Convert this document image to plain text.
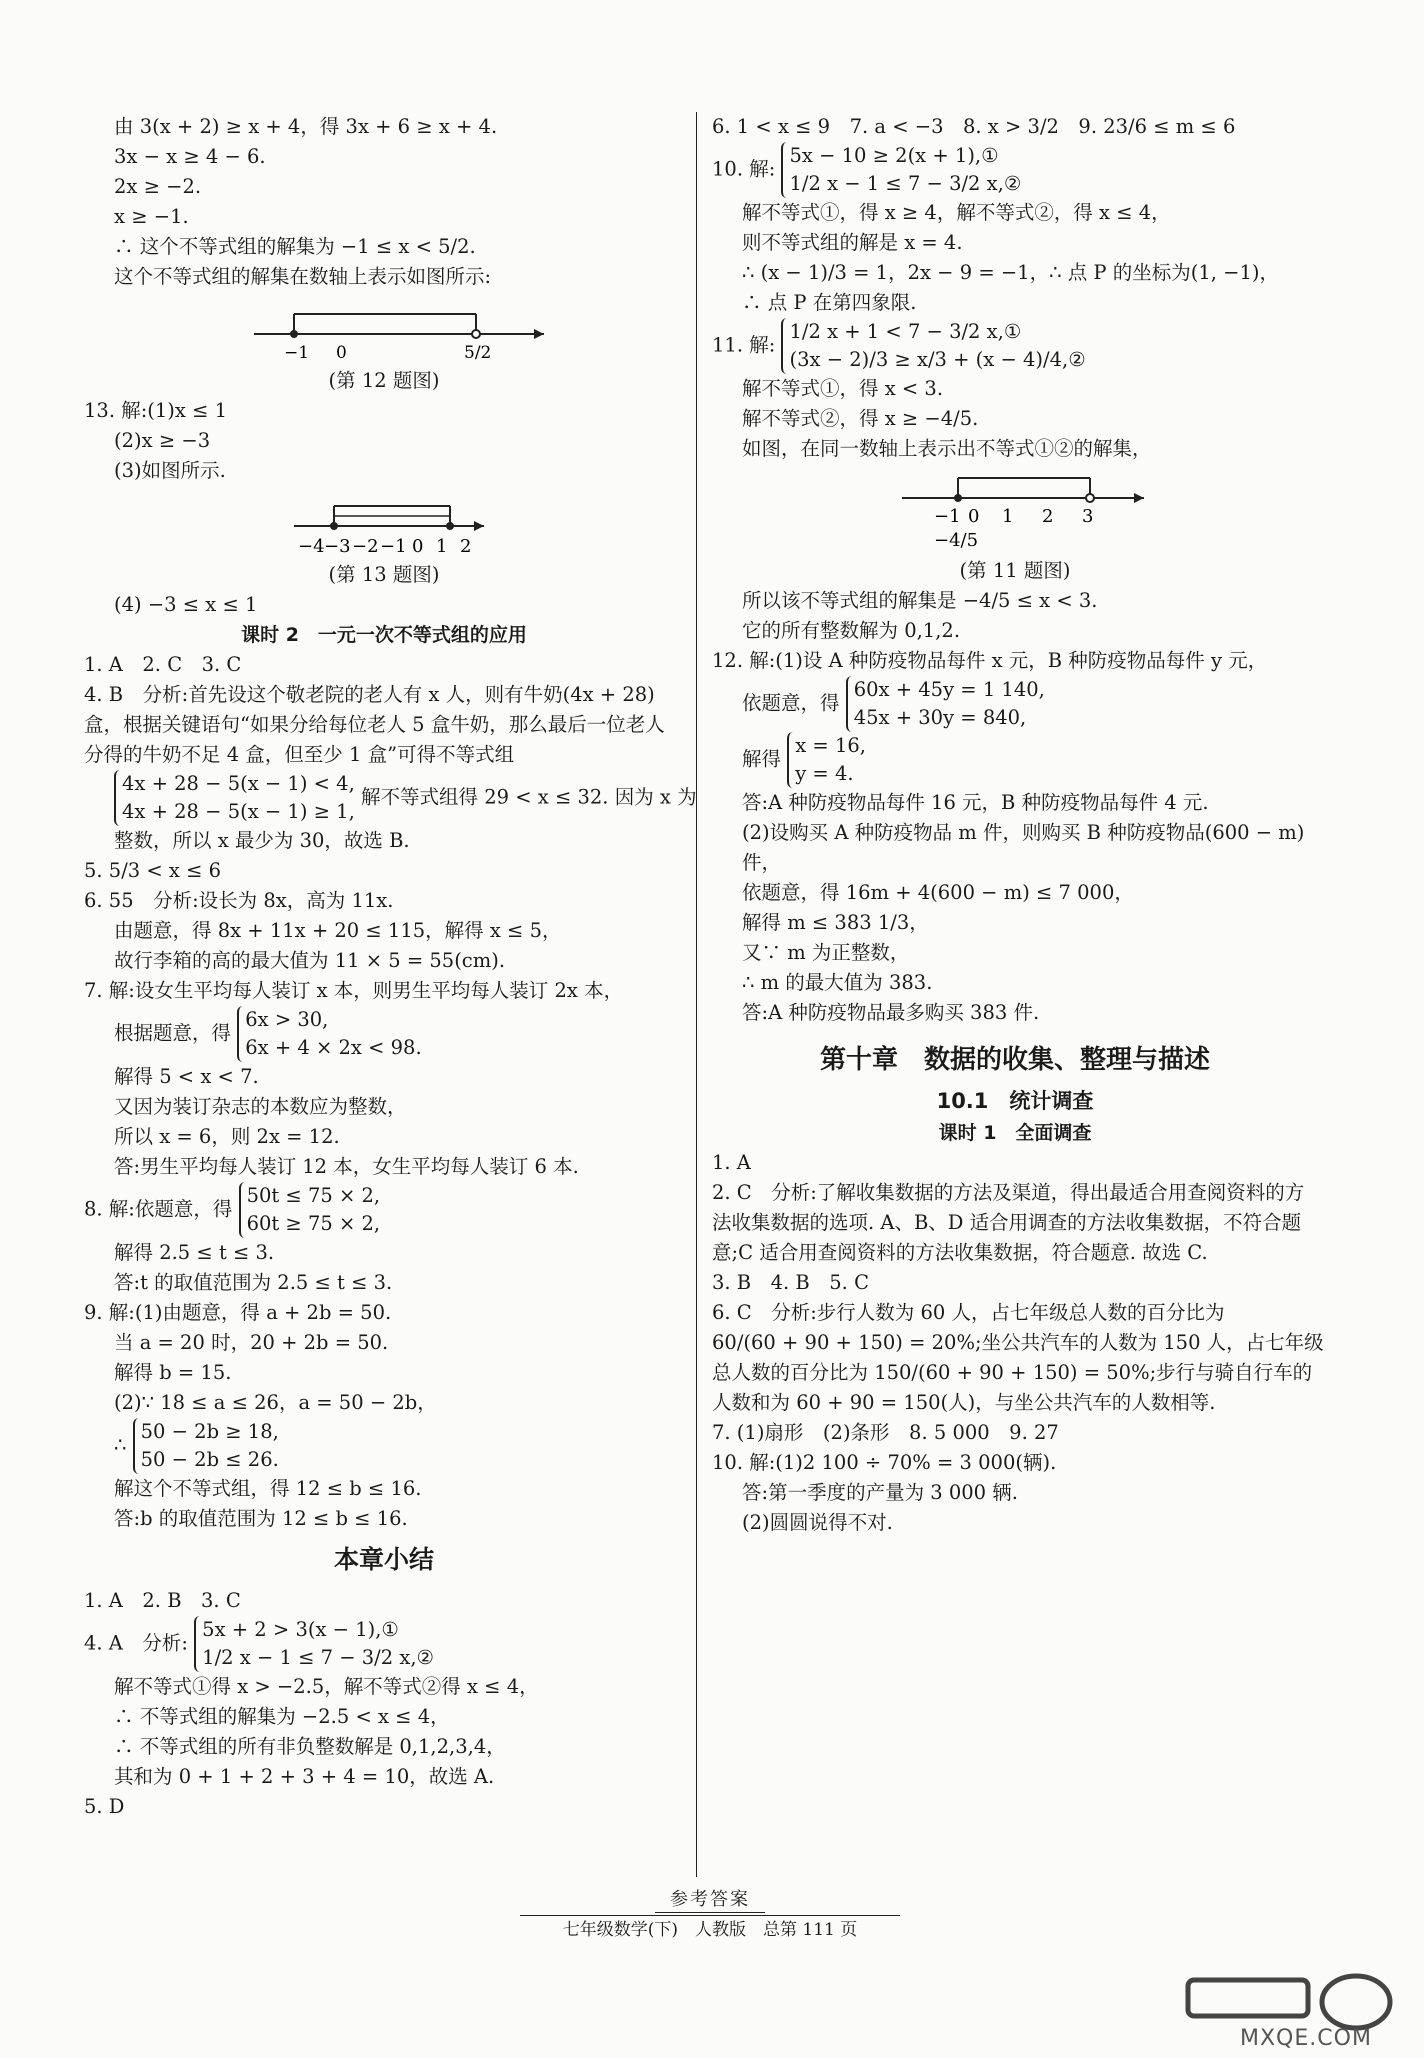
由 3(x + 2) ≥ x + 4，得 3x + 6 ≥ x + 4.
3x − x ≥ 4 − 6.
2x ≥ −2.
x ≥ −1.
∴ 这个不等式组的解集为 −1 ≤ x < 5/2.
这个不等式组的解集在数轴上表示如图所示:
−1 0	5/2
(第 12 题图)
13. 解:(1)x ≤ 1
(2)x ≥ −3
(3)如图所示.
−4 −3 −2 −1 0 1 2
(第 13 题图)
(4) −3 ≤ x ≤ 1
课时 2　一元一次不等式组的应用
1. A　2. C　3. C
4. B　分析:首先设这个敬老院的老人有 x 人，则有牛奶(4x + 28)盒，根据关键语句“如果分给每位老人 5 盒牛奶，那么最后一位老人分得的牛奶不足 4 盒，但至少 1 盒”可得不等式组
4x + 28 − 5(x − 1) < 4,
4x + 28 − 5(x − 1) ≥ 1,
解不等式组得 29 < x ≤ 32. 因为 x 为
整数，所以 x 最少为 30，故选 B.
5. 5/3 < x ≤ 6
6. 55　分析:设长为 8x，高为 11x.
由题意，得 8x + 11x + 20 ≤ 115，解得 x ≤ 5，
故行李箱的高的最大值为 11 × 5 = 55(cm).
7. 解:设女生平均每人装订 x 本，则男生平均每人装订 2x 本，
根据题意，得
6x > 30,
6x + 4 × 2x < 98.
解得 5 < x < 7.
又因为装订杂志的本数应为整数，
所以 x = 6，则 2x = 12.
答:男生平均每人装订 12 本，女生平均每人装订 6 本.
8. 解:依题意，得
50t ≤ 75 × 2,
60t ≥ 75 × 2,
解得 2.5 ≤ t ≤ 3.
答:t 的取值范围为 2.5 ≤ t ≤ 3.
9. 解:(1)由题意，得 a + 2b = 50.
当 a = 20 时，20 + 2b = 50.
解得 b = 15.
(2)∵ 18 ≤ a ≤ 26，a = 50 − 2b，
∴
50 − 2b ≥ 18,
50 − 2b ≤ 26.
解这个不等式组，得 12 ≤ b ≤ 16.
答:b 的取值范围为 12 ≤ b ≤ 16.
本章小结
1. A　2. B　3. C
4. A　分析:
5x + 2 > 3(x − 1),①
1/2 x − 1 ≤ 7 − 3/2 x,②
解不等式①得 x > −2.5，解不等式②得 x ≤ 4，
∴ 不等式组的解集为 −2.5 < x ≤ 4，
∴ 不等式组的所有非负整数解是 0,1,2,3,4，
其和为 0 + 1 + 2 + 3 + 4 = 10，故选 A.
5. D
6. 1 < x ≤ 9　7. a < −3　8. x > 3/2　9. 23/6 ≤ m ≤ 6
10. 解:
5x − 10 ≥ 2(x + 1),①
1/2 x − 1 ≤ 7 − 3/2 x,②
解不等式①，得 x ≥ 4，解不等式②，得 x ≤ 4，
则不等式组的解是 x = 4.
∴ (x − 1)/3 = 1，2x − 9 = −1，∴ 点 P 的坐标为(1, −1)，
∴ 点 P 在第四象限.
11. 解:
1/2 x + 1 < 7 − 3/2 x,①
(3x − 2)/3 ≥ x/3 + (x − 4)/4,②
解不等式①，得 x < 3.
解不等式②，得 x ≥ −4/5.
如图，在同一数轴上表示出不等式①②的解集，
−1 0 1 2 3
−4/5
(第 11 题图)
所以该不等式组的解集是 −4/5 ≤ x < 3.
它的所有整数解为 0,1,2.
12. 解:(1)设 A 种防疫物品每件 x 元，B 种防疫物品每件 y 元，
依题意，得
60x + 45y = 1 140,
45x + 30y = 840,
解得
x = 16,
y = 4.
答:A 种防疫物品每件 16 元，B 种防疫物品每件 4 元.
(2)设购买 A 种防疫物品 m 件，则购买 B 种防疫物品(600 − m)件，
依题意，得 16m + 4(600 − m) ≤ 7 000，
解得 m ≤ 383 1/3，
又∵ m 为正整数，
∴ m 的最大值为 383.
答:A 种防疫物品最多购买 383 件.
第十章　数据的收集、整理与描述
10.1　统计调查
课时 1　全面调查
1. A
2. C　分析:了解收集数据的方法及渠道，得出最适合用查阅资料的方法收集数据的选项. A、B、D 适合用调查的方法收集数据，不符合题意;C 适合用查阅资料的方法收集数据，符合题意. 故选 C.
3. B　4. B　5. C
6. C　分析:步行人数为 60 人，占七年级总人数的百分比为
60/(60 + 90 + 150) = 20%;坐公共汽车的人数为 150 人，占七年级
总人数的百分比为 150/(60 + 90 + 150) = 50%;步行与骑自行车的
人数和为 60 + 90 = 150(人)，与坐公共汽车的人数相等.
7. (1)扇形　(2)条形　8. 5 000　9. 27
10. 解:(1)2 100 ÷ 70% = 3 000(辆).
答:第一季度的产量为 3 000 辆.
(2)圆圆说得不对.
参考答案
七年级数学(下)　人教版　总第 111 页
MXQE.COM
